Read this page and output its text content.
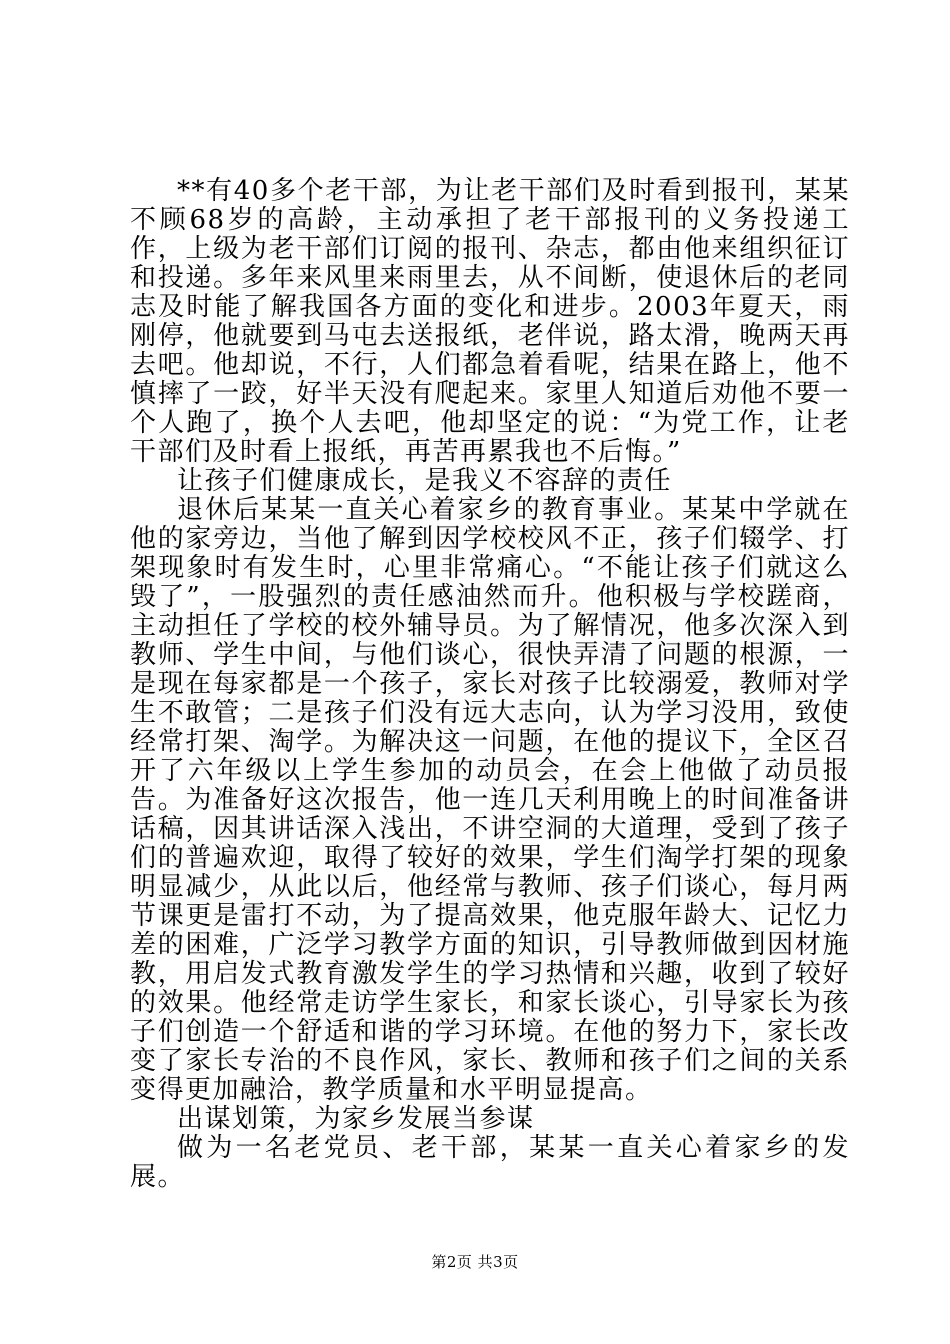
**有40多个老干部，为让老干部们及时看到报刊，某某不顾68岁的高龄，主动承担了老干部报刊的义务投递工作，上级为老干部们订阅的报刊、杂志，都由他来组织征订和投递。多年来风里来雨里去，从不间断，使退休后的老同志及时能了解我国各方面的变化和进步。2003年夏天，雨刚停，他就要到马屯去送报纸，老伴说，路太滑，晚两天再去吧。他却说，不行，人们都急着看呢，结果在路上，他不慎摔了一跤，好半天没有爬起来。家里人知道后劝他不要一个人跑了，换个人去吧，他却坚定的说：“为党工作，让老干部们及时看上报纸，再苦再累我也不后悔。”

让孩子们健康成长，是我义不容辞的责任

退休后某某一直关心着家乡的教育事业。某某中学就在他的家旁边，当他了解到因学校校风不正，孩子们辍学、打架现象时有发生时，心里非常痛心。“不能让孩子们就这么毁了”，一股强烈的责任感油然而升。他积极与学校蹉商，主动担任了学校的校外辅导员。为了解情况，他多次深入到教师、学生中间，与他们谈心，很快弄清了问题的根源，一是现在每家都是一个孩子，家长对孩子比较溺爱，教师对学生不敢管；二是孩子们没有远大志向，认为学习没用，致使经常打架、淘学。为解决这一问题，在他的提议下，全区召开了六年级以上学生参加的动员会，在会上他做了动员报告。为准备好这次报告，他一连几天利用晚上的时间准备讲话稿，因其讲话深入浅出，不讲空洞的大道理，受到了孩子们的普遍欢迎，取得了较好的效果，学生们淘学打架的现象明显减少，从此以后，他经常与教师、孩子们谈心，每月两节课更是雷打不动，为了提高效果，他克服年龄大、记忆力差的困难，广泛学习教学方面的知识，引导教师做到因材施教，用启发式教育激发学生的学习热情和兴趣，收到了较好的效果。他经常走访学生家长，和家长谈心，引导家长为孩子们创造一个舒适和谐的学习环境。在他的努力下，家长改变了家长专治的不良作风，家长、教师和孩子们之间的关系变得更加融洽，教学质量和水平明显提高。

出谋划策，为家乡发展当参谋

做为一名老党员、老干部，某某一直关心着家乡的发展。

第2页 共3页
